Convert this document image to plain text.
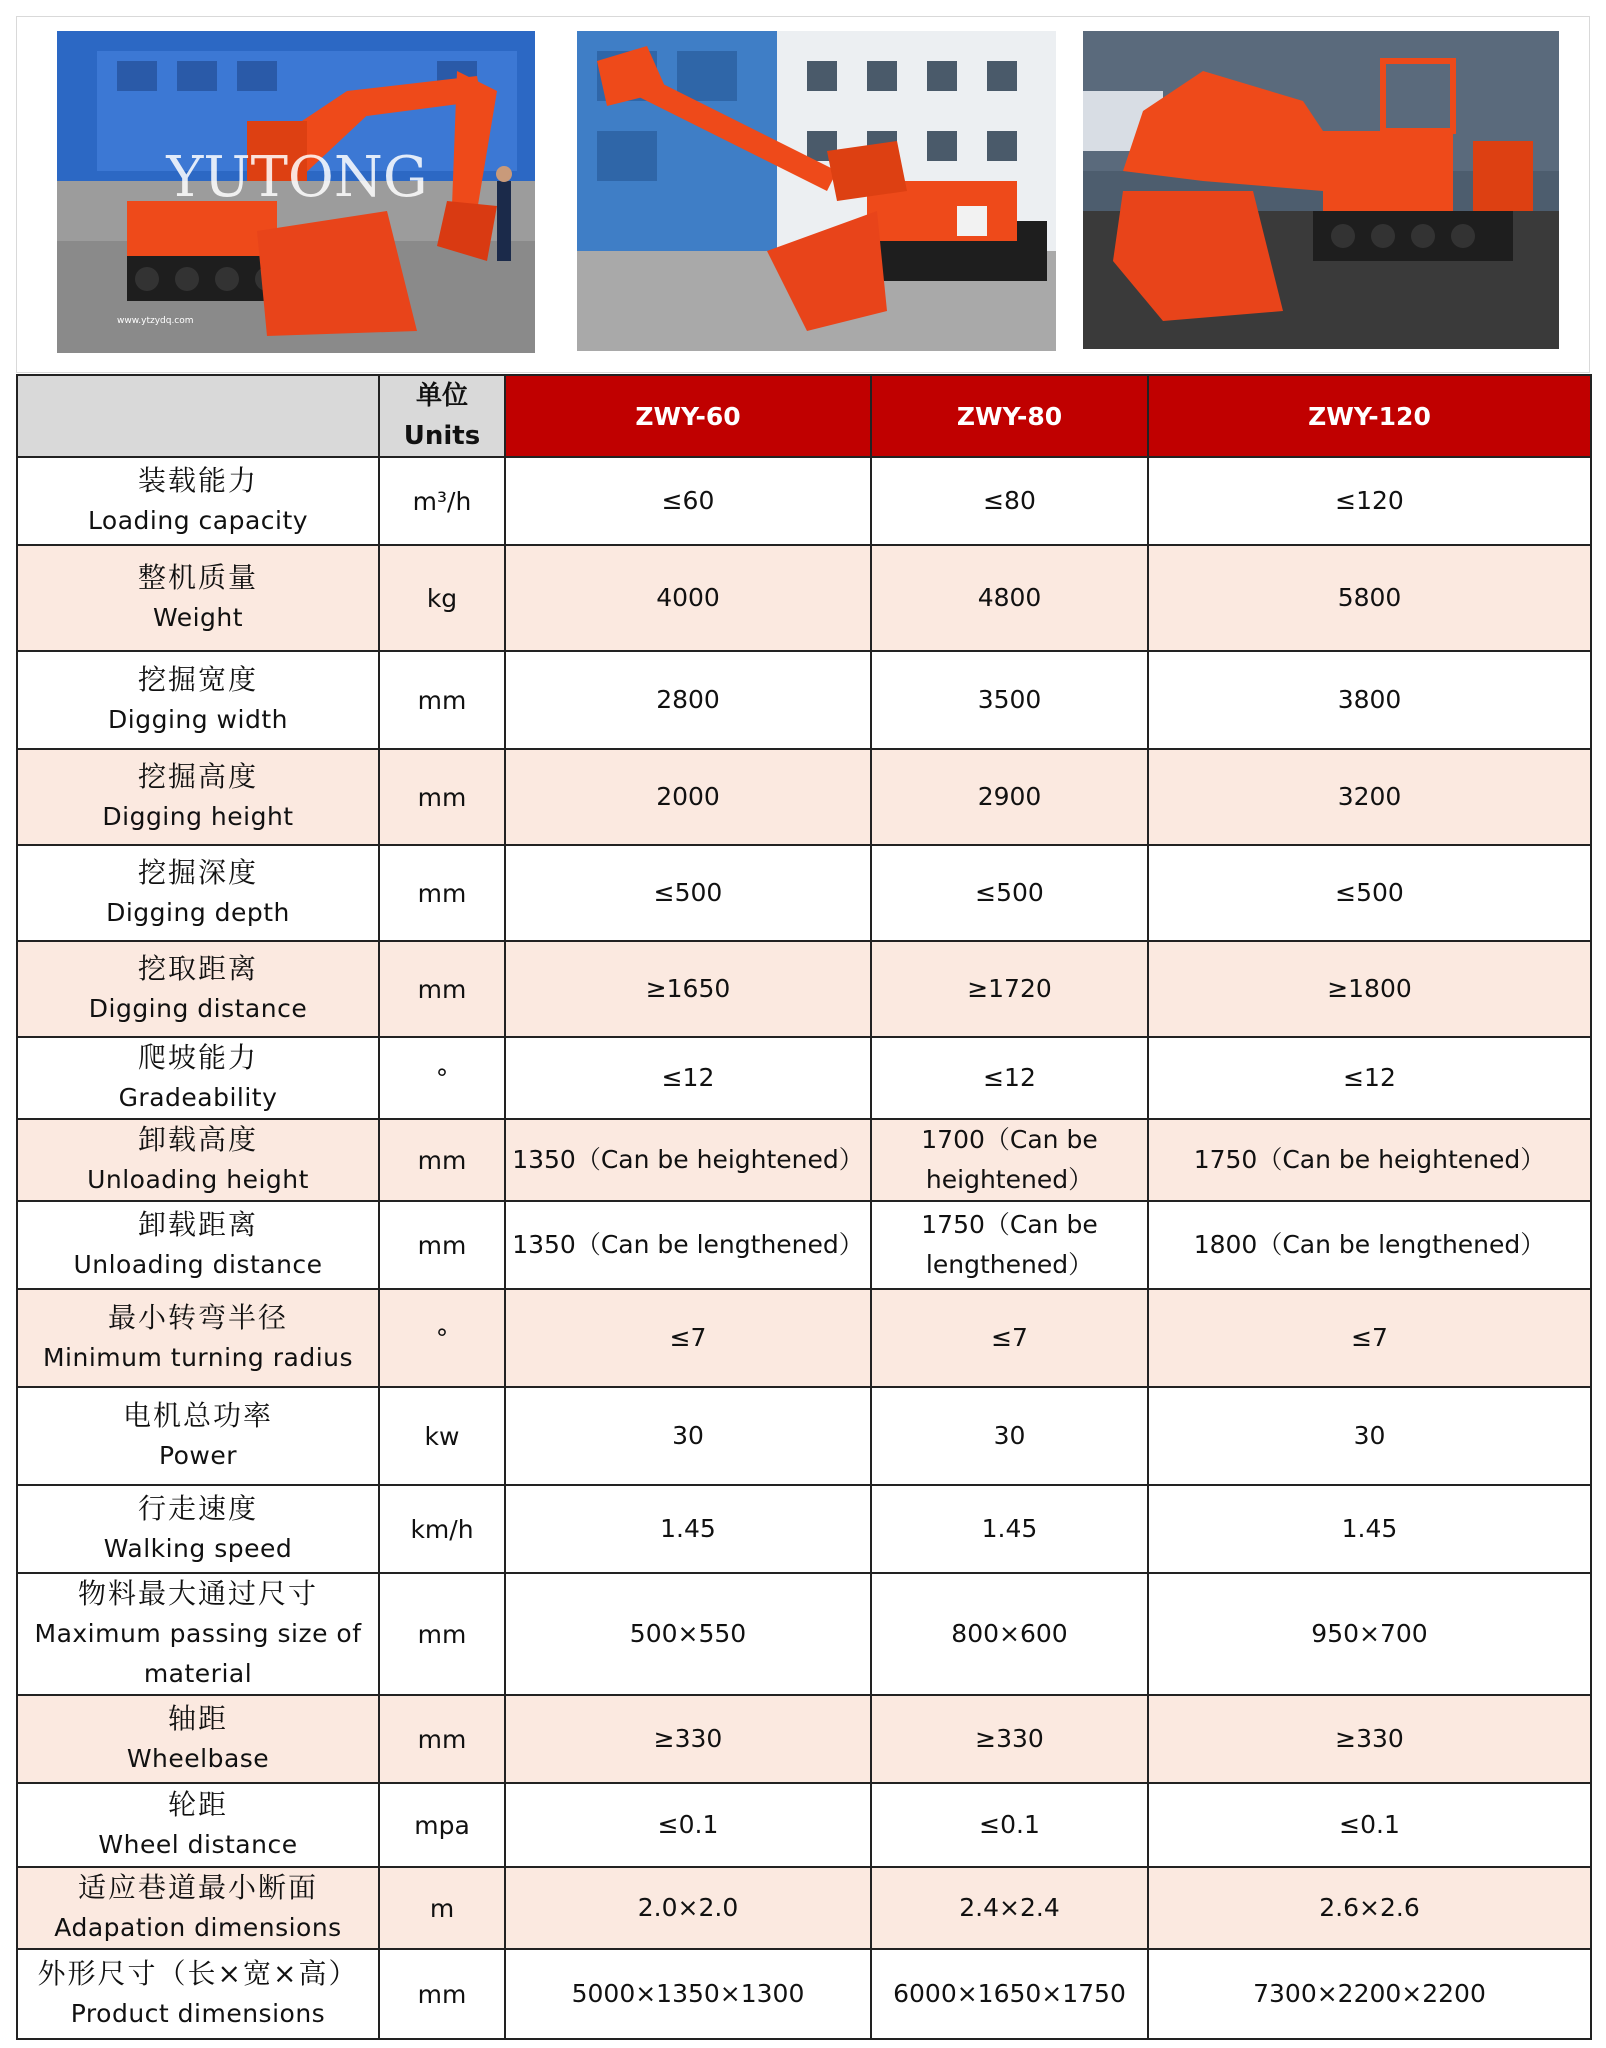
YUTONG
www.ytzydq.com

	单位
Units	ZWY-60	ZWY-80	ZWY-120

装载能力
Loading capacity	m³/h	≤60	≤80	≤120

整机质量
Weight	kg	4000	4800	5800

挖掘宽度
Digging width	mm	2800	3500	3800

挖掘高度
Digging height	mm	2000	2900	3200

挖掘深度
Digging depth	mm	≤500	≤500	≤500

挖取距离
Digging distance	mm	≥1650	≥1720	≥1800

爬坡能力
Gradeability	°	≤12	≤12	≤12

卸载高度
Unloading height	mm	1350（Can be heightened）	1700（Can be heightened）	1750（Can be heightened）

卸载距离
Unloading distance	mm	1350（Can be lengthened）	1750（Can be lengthened）	1800（Can be lengthened）

最小转弯半径
Minimum turning radius	°	≤7	≤7	≤7

电机总功率
Power	kw	30	30	30

行走速度
Walking speed	km/h	1.45	1.45	1.45

物料最大通过尺寸
Maximum passing size of material	mm	500×550	800×600	950×700

轴距
Wheelbase	mm	≥330	≥330	≥330

轮距
Wheel distance	mpa	≤0.1	≤0.1	≤0.1

适应巷道最小断面
Adapation dimensions	m	2.0×2.0	2.4×2.4	2.6×2.6

外形尺寸（长×宽×高）
Product dimensions	mm	5000×1350×1300	6000×1650×1750	7300×2200×2200
